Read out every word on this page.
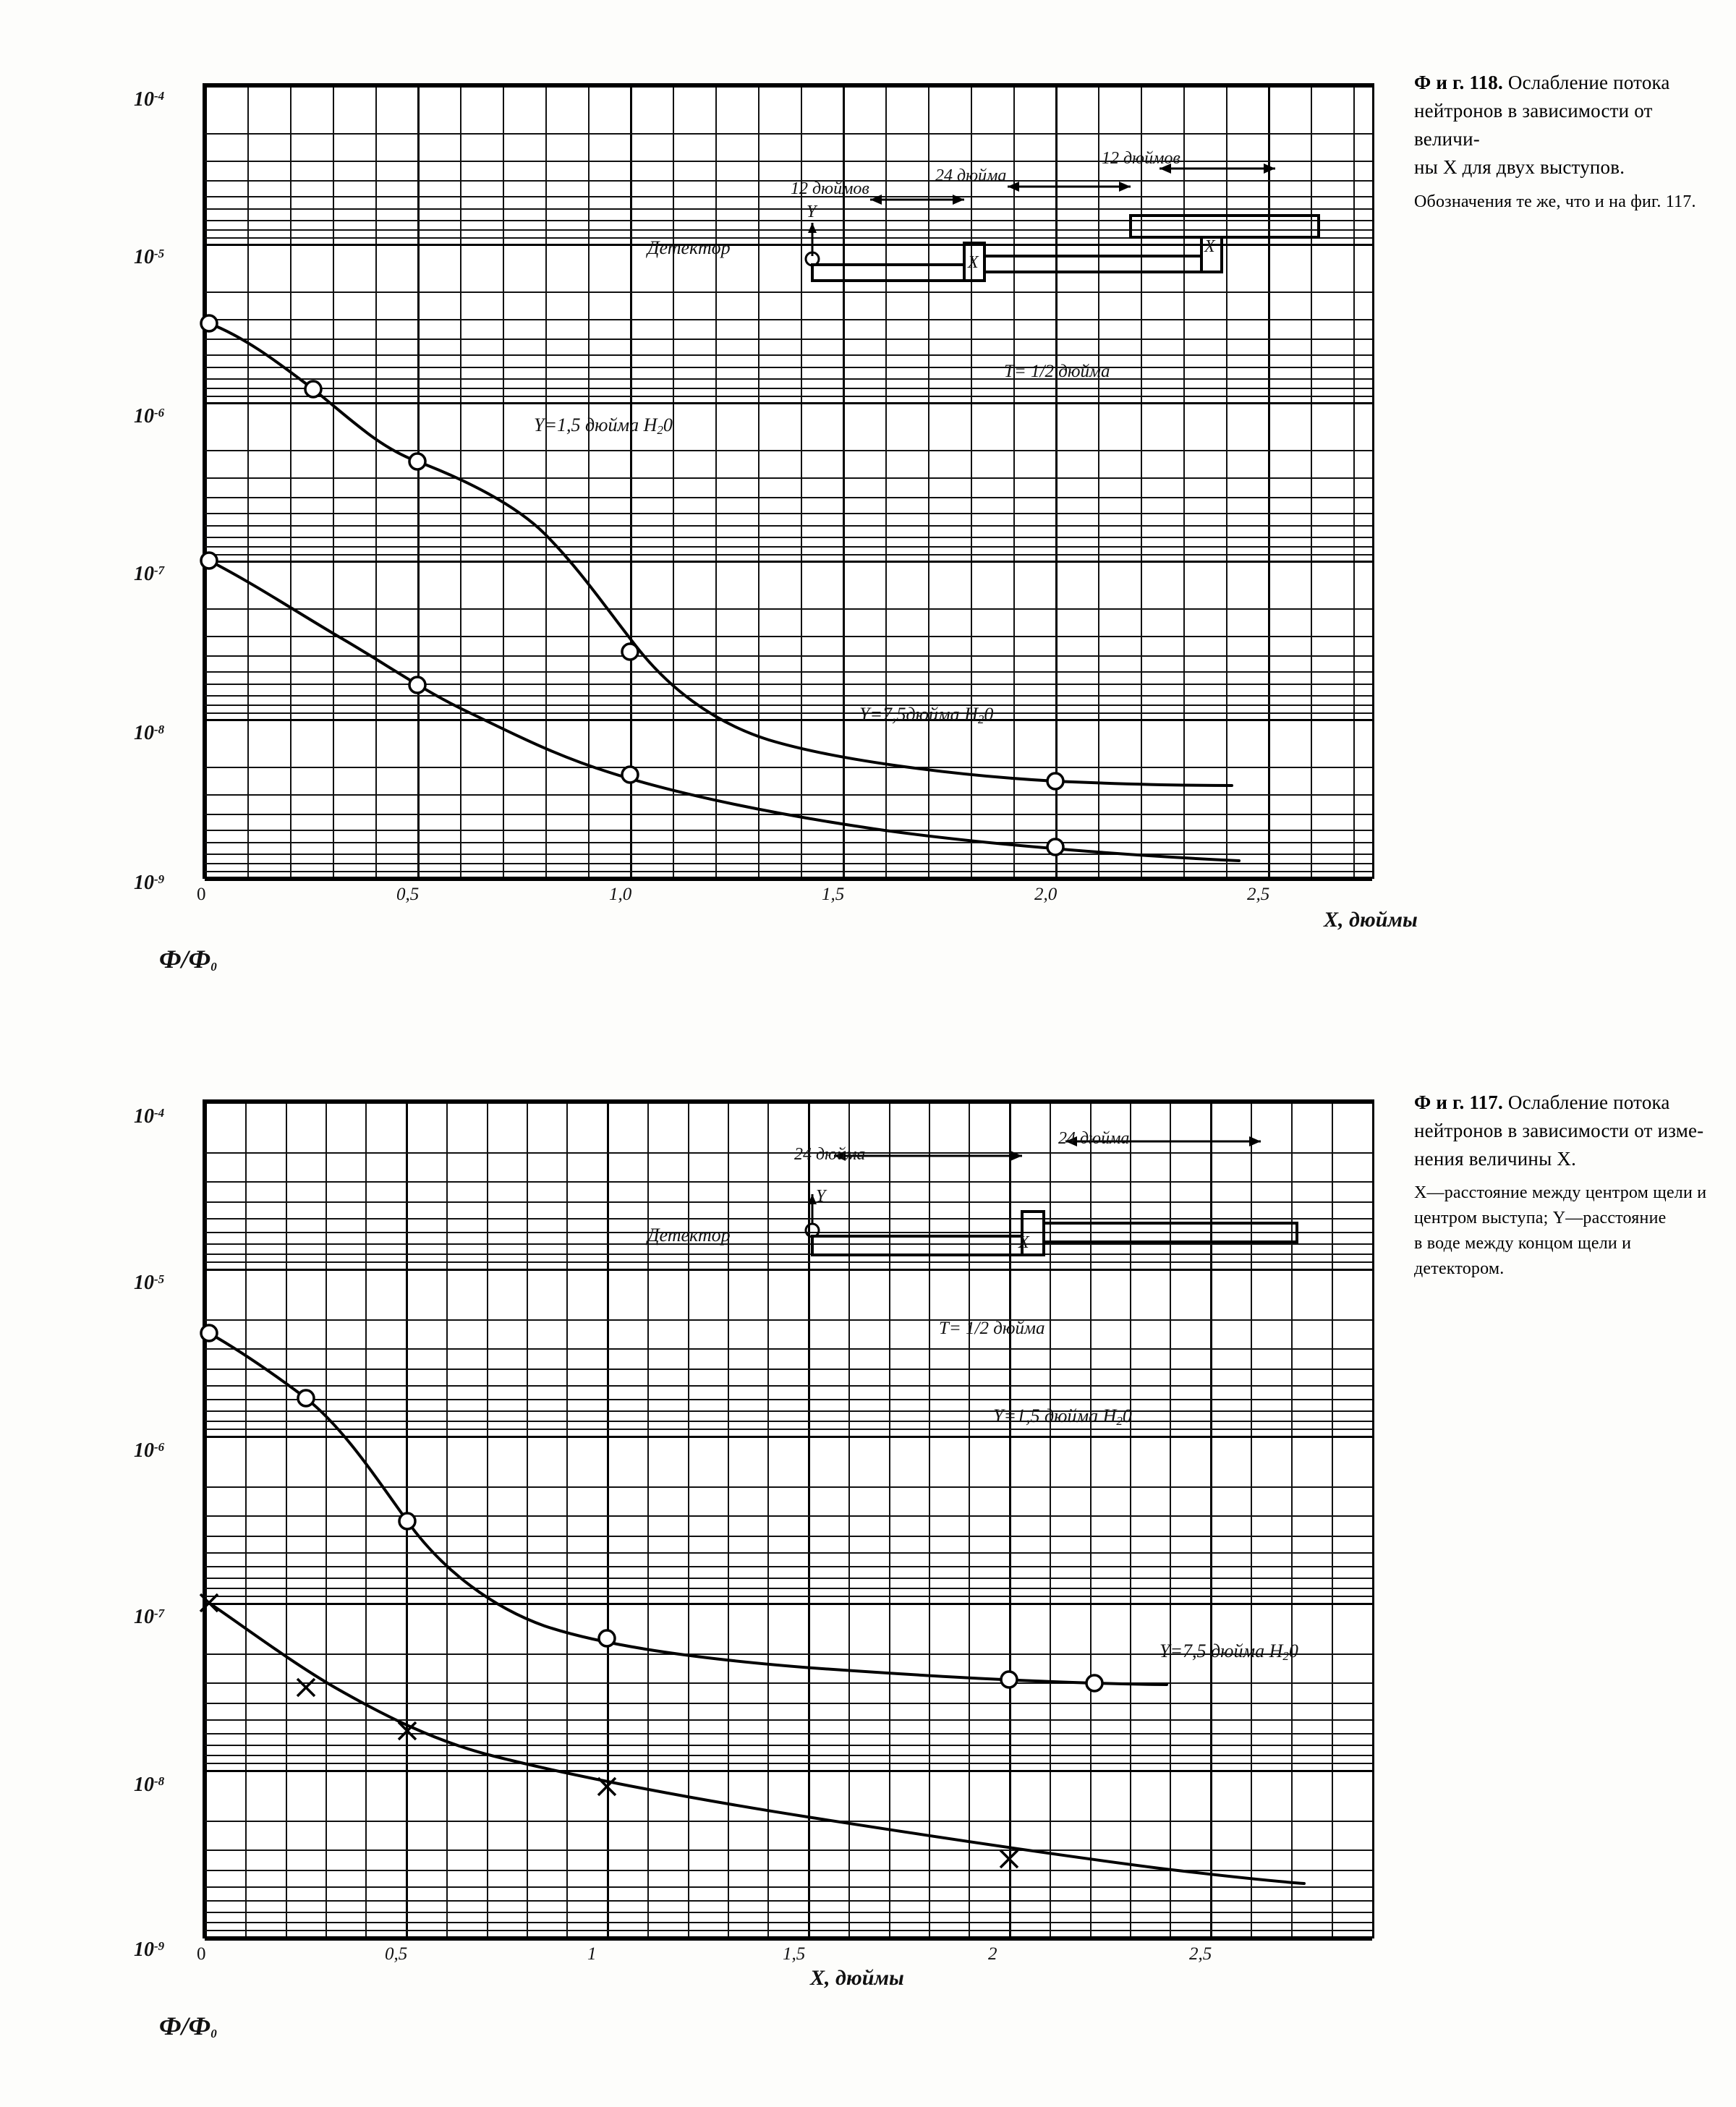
12 дюймов
24 дюйма
12 дюймов
X
X
Y
Детектор
T= 1/2 дюйма
Y=1,5 дюйма $H_20$
Y=7,5дюйма $H_20$
0	0,5	1,0	1,5	2,0	2,5
$10^{-4}$
$10^{-5}$
$10^{-6}$
$10^{-7}$
$10^{-8}$
$10^{-9}$
$Ф/Ф_0$
X, дюймы
Ф и г. 118. Ослабление потока нейтронов в зависимости от величи-
ны X для двух выступов.
Обозначения те же, что и на фиг. 117.
24 дюйма
24 дюйма
X
Y
Детектор
T= 1/2 дюйма
Y=1,5 дюйма $H_20$
Y=7,5 дюйма $H_20$
0	0,5	1	1,5	2	2,5
$10^{-4}$
$10^{-5}$
$10^{-6}$
$10^{-7}$
$10^{-8}$
$10^{-9}$
$Ф/Ф_0$
X, дюймы
Ф и г. 117. Ослабление потока нейтронов в зависимости от изме-
нения величины X.
X—расстояние между центром щели и центром выступа; Y—расстояние
в воде между концом щели и детектором.
